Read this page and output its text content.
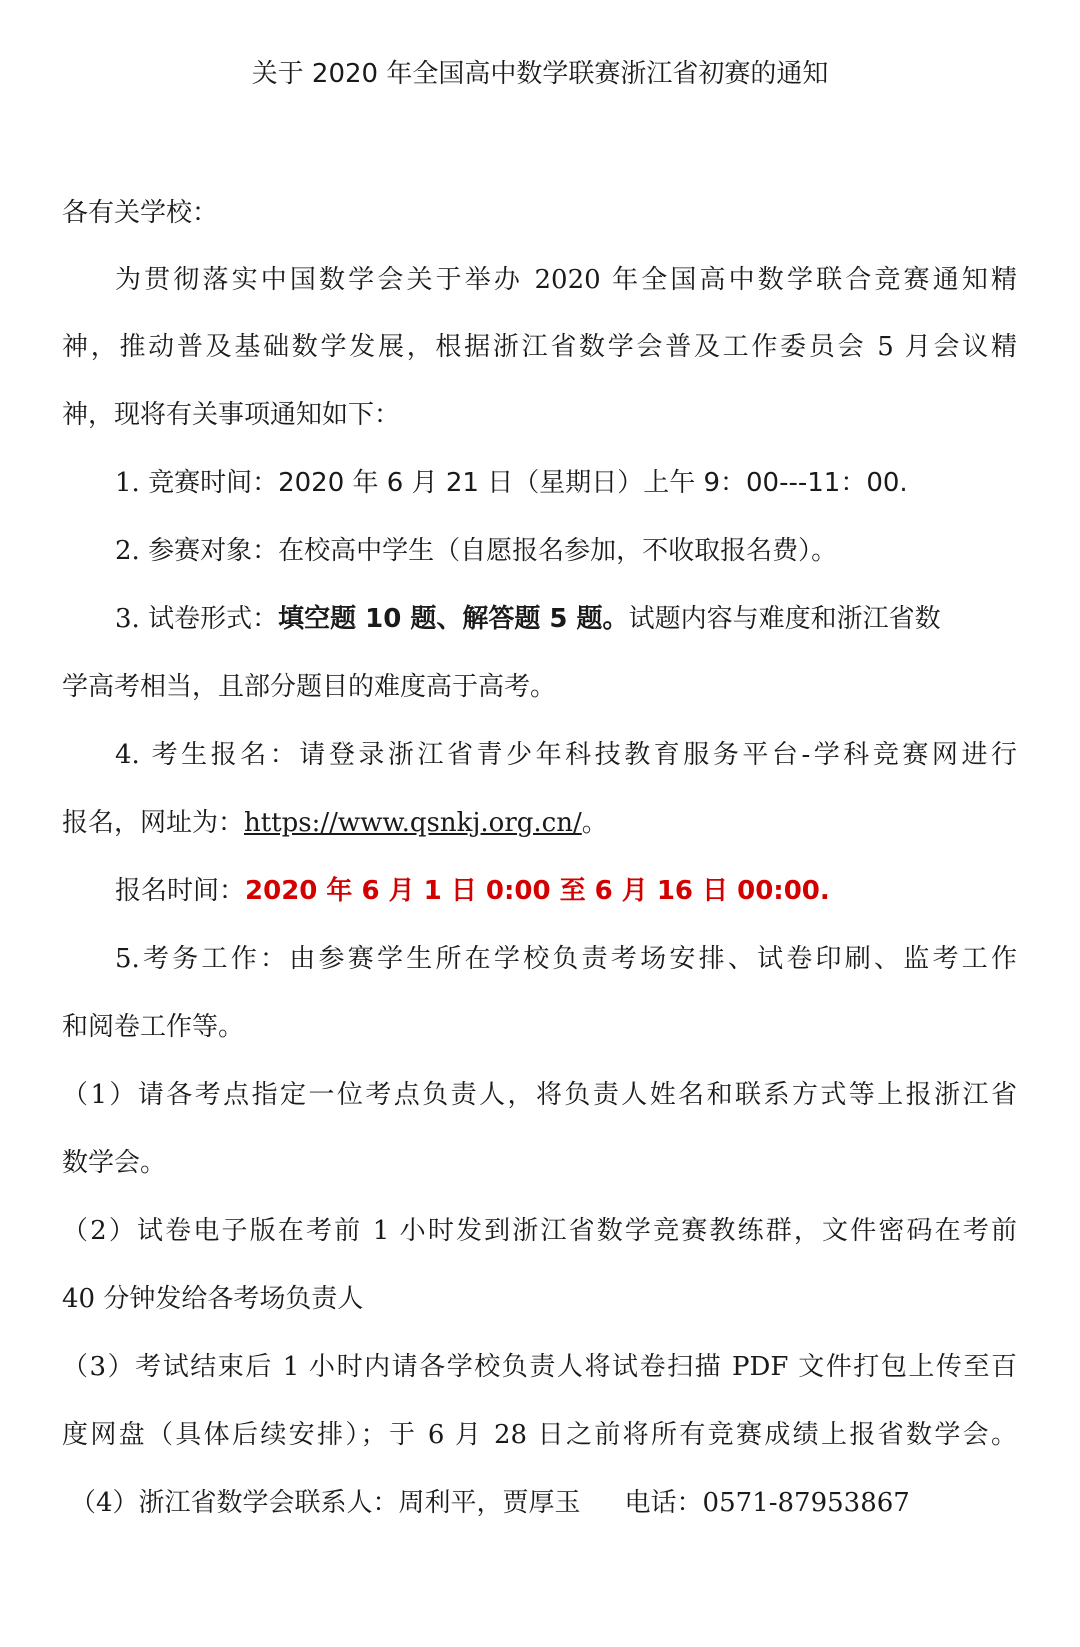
关于 2020 年全国高中数学联赛浙江省初赛的通知

各有关学校：

为贯彻落实中国数学会关于举办 2020 年全国高中数学联合竞赛通知精

神，推动普及基础数学发展，根据浙江省数学会普及工作委员会 5 月会议精

神，现将有关事项通知如下：

1. 竞赛时间：2020 年 6 月 21 日（星期日）上午 9：00---11：00.

2. 参赛对象：在校高中学生（自愿报名参加，不收取报名费）。

3. 试卷形式：填空题 10 题、解答题 5 题。试题内容与难度和浙江省数

学高考相当，且部分题目的难度高于高考。

4. 考生报名：请登录浙江省青少年科技教育服务平台-学科竞赛网进行

报名，网址为：https://www.qsnkj.org.cn/。

报名时间：2020 年 6 月 1 日 0:00 至 6 月 16 日 00:00.

5.考务工作：由参赛学生所在学校负责考场安排、试卷印刷、监考工作

和阅卷工作等。

（1）请各考点指定一位考点负责人，将负责人姓名和联系方式等上报浙江省

数学会。

（2）试卷电子版在考前 1 小时发到浙江省数学竞赛教练群，文件密码在考前

40 分钟发给各考场负责人

（3）考试结束后 1 小时内请各学校负责人将试卷扫描 PDF 文件打包上传至百

度网盘（具体后续安排）；于 6 月 28 日之前将所有竞赛成绩上报省数学会。

（4）浙江省数学会联系人：周利平，贾厚玉 电话：0571-87953867
